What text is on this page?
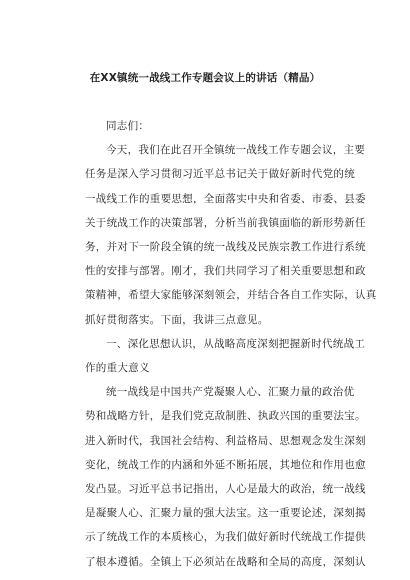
在XX镇统一战线工作专题会议上的讲话（精品）
同志们：
今天，我们在此召开全镇统一战线工作专题会议，主要
任务是深入学习贯彻习近平总书记关于做好新时代党的统
一战线工作的重要思想，全面落实中央和省委、市委、县委
关于统战工作的决策部署，分析当前我镇面临的新形势新任
务，并对下一阶段全镇的统一战线及民族宗教工作进行系统
性的安排与部署。刚才，我们共同学习了相关重要思想和政
策精神，希望大家能够深刻领会，并结合各自工作实际，认真
抓好贯彻落实。下面，我讲三点意见。
一、深化思想认识，从战略高度深刻把握新时代统战工
作的重大意义
统一战线是中国共产党凝聚人心、汇聚力量的政治优
势和战略方针，是我们党克敌制胜、执政兴国的重要法宝。
进入新时代，我国社会结构、利益格局、思想观念发生深刻
变化，统战工作的内涵和外延不断拓展，其地位和作用也愈
发凸显。习近平总书记指出，人心是最大的政治，统一战线
是凝聚人心、汇聚力量的强大法宝。这一重要论述，深刻揭
示了统战工作的本质核心，为我们做好新时代统战工作提供
了根本遵循。全镇上下必须站在战略和全局的高度，深刻认
